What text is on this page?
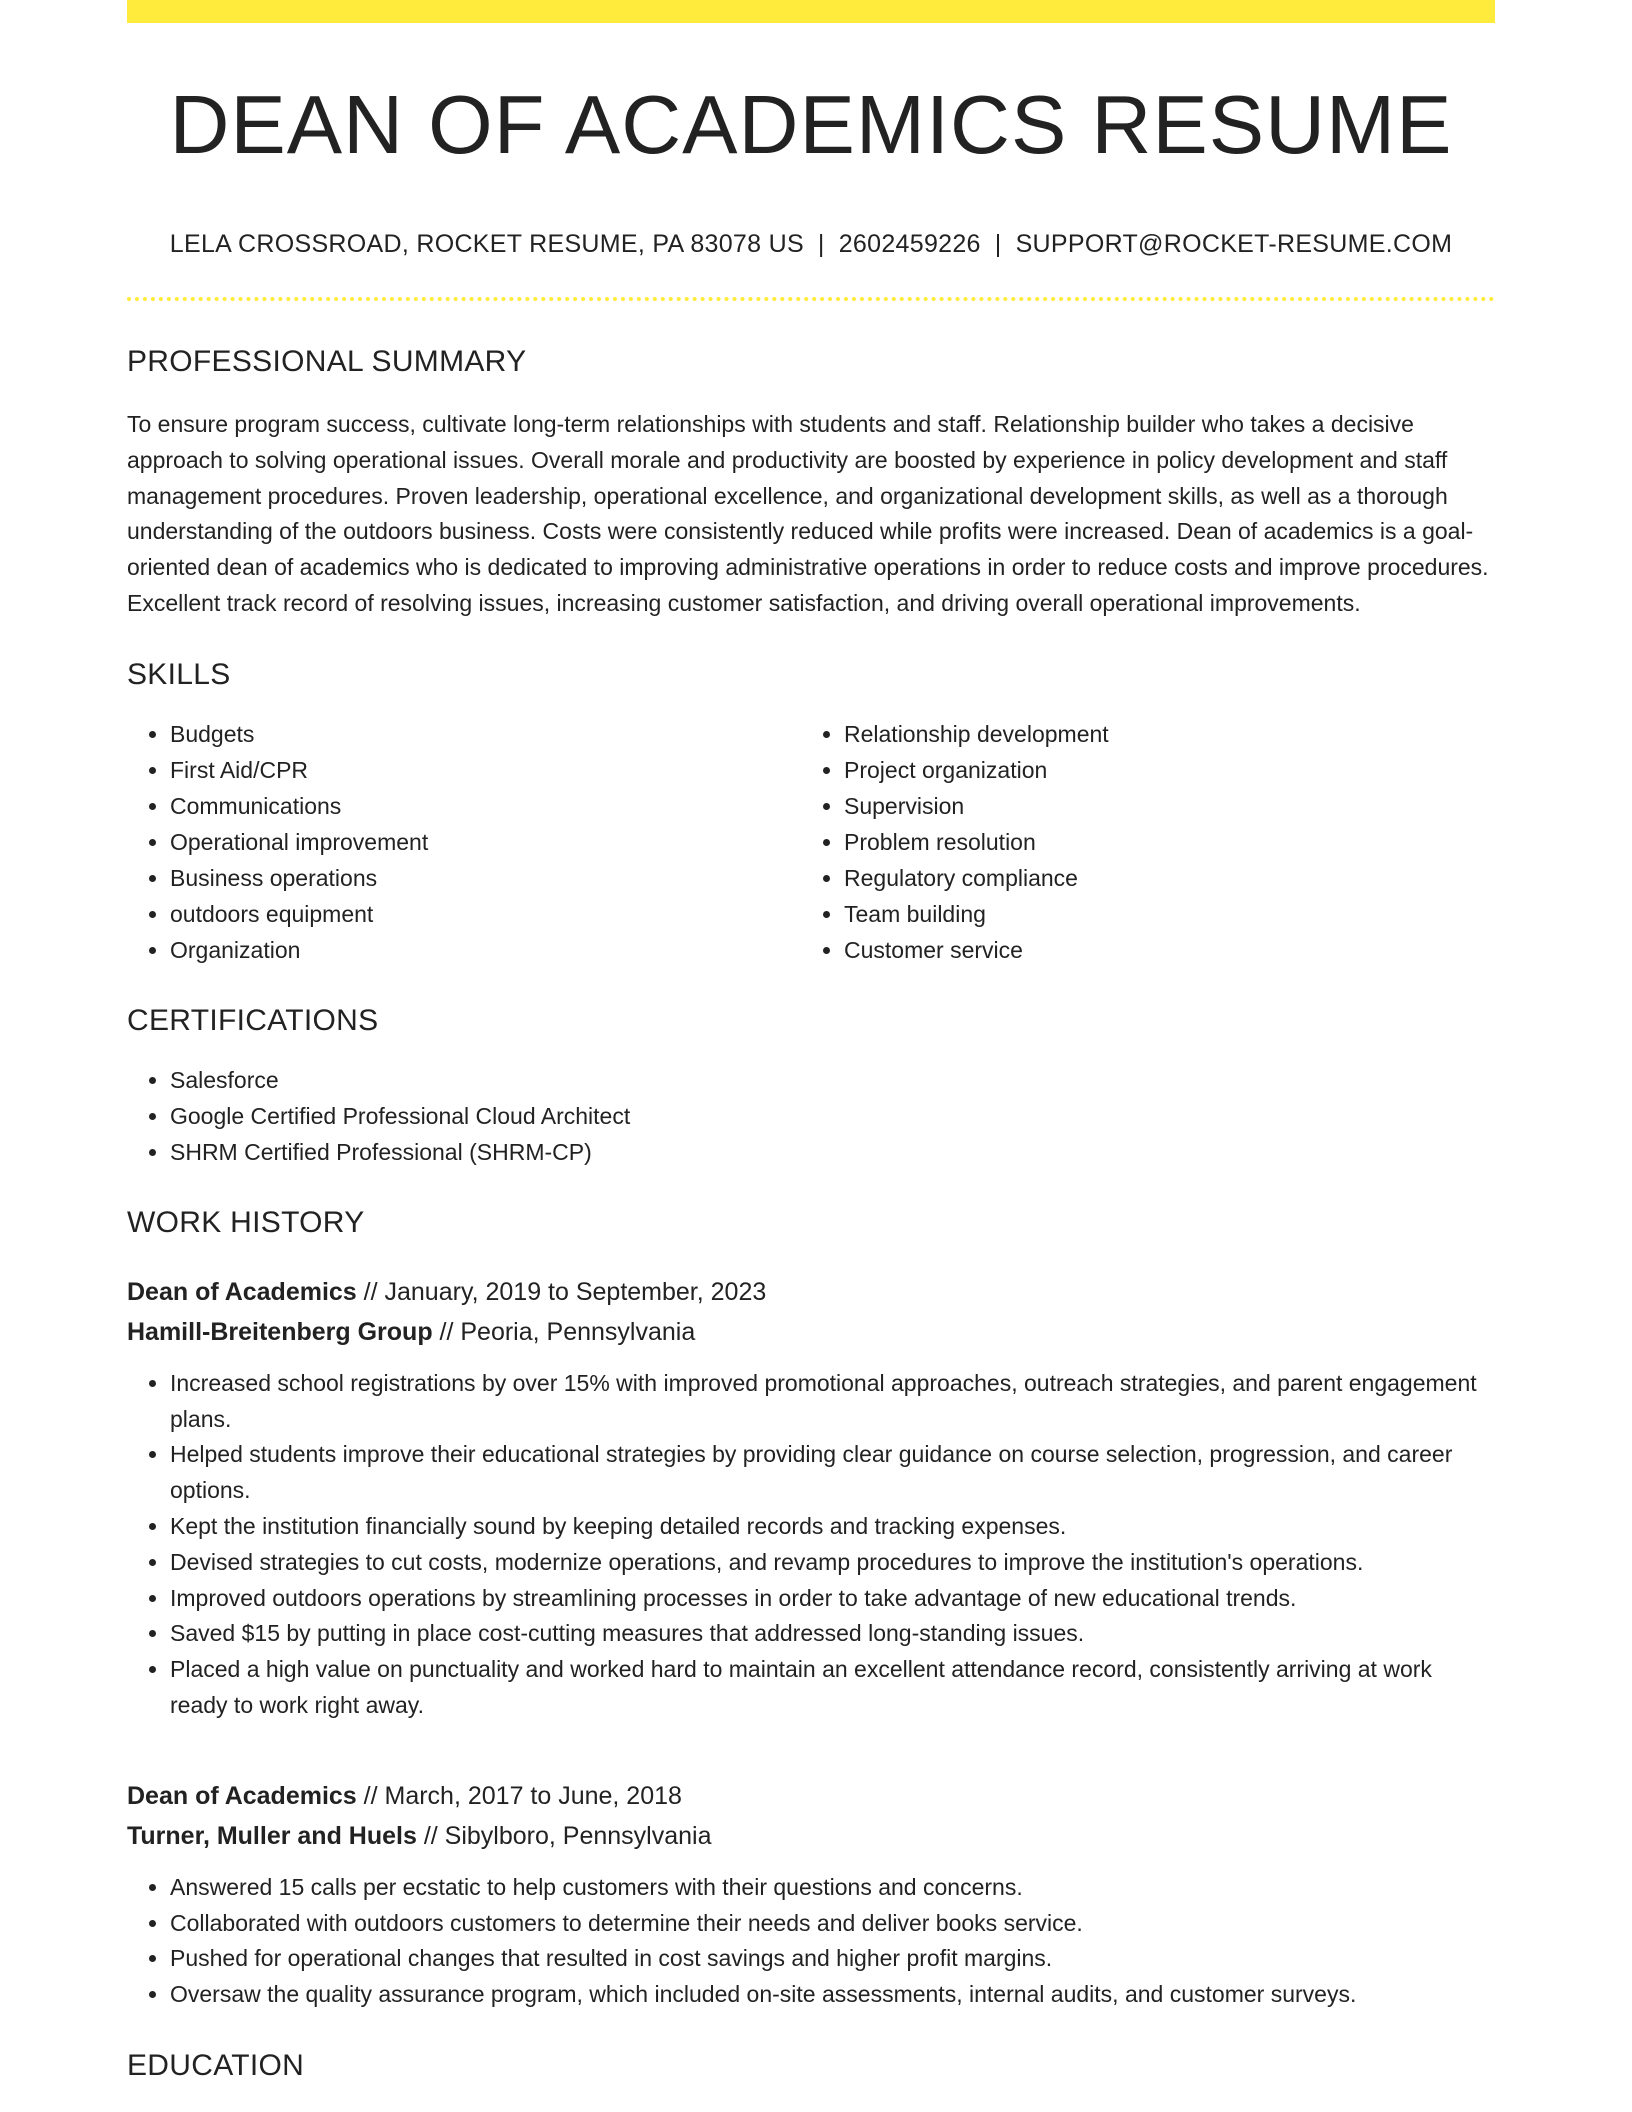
DEAN OF ACADEMICS RESUME
LELA CROSSROAD, ROCKET RESUME, PA 83078 US | 2602459226 | SUPPORT@ROCKET-RESUME.COM
PROFESSIONAL SUMMARY
To ensure program success, cultivate long-term relationships with students and staff. Relationship builder who takes a decisive approach to solving operational issues. Overall morale and productivity are boosted by experience in policy development and staff management procedures. Proven leadership, operational excellence, and organizational development skills, as well as a thorough understanding of the outdoors business. Costs were consistently reduced while profits were increased. Dean of academics is a goal-oriented dean of academics who is dedicated to improving administrative operations in order to reduce costs and improve procedures. Excellent track record of resolving issues, increasing customer satisfaction, and driving overall operational improvements.
SKILLS
• Budgets
• First Aid/CPR
• Communications
• Operational improvement
• Business operations
• outdoors equipment
• Organization
• Relationship development
• Project organization
• Supervision
• Problem resolution
• Regulatory compliance
• Team building
• Customer service
CERTIFICATIONS
• Salesforce
• Google Certified Professional Cloud Architect
• SHRM Certified Professional (SHRM-CP)
WORK HISTORY
Dean of Academics // January, 2019 to September, 2023
Hamill-Breitenberg Group // Peoria, Pennsylvania
• Increased school registrations by over 15% with improved promotional approaches, outreach strategies, and parent engagement plans.
• Helped students improve their educational strategies by providing clear guidance on course selection, progression, and career options.
• Kept the institution financially sound by keeping detailed records and tracking expenses.
• Devised strategies to cut costs, modernize operations, and revamp procedures to improve the institution's operations.
• Improved outdoors operations by streamlining processes in order to take advantage of new educational trends.
• Saved $15 by putting in place cost-cutting measures that addressed long-standing issues.
• Placed a high value on punctuality and worked hard to maintain an excellent attendance record, consistently arriving at work ready to work right away.
Dean of Academics // March, 2017 to June, 2018
Turner, Muller and Huels // Sibylboro, Pennsylvania
• Answered 15 calls per ecstatic to help customers with their questions and concerns.
• Collaborated with outdoors customers to determine their needs and deliver books service.
• Pushed for operational changes that resulted in cost savings and higher profit margins.
• Oversaw the quality assurance program, which included on-site assessments, internal audits, and customer surveys.
EDUCATION
